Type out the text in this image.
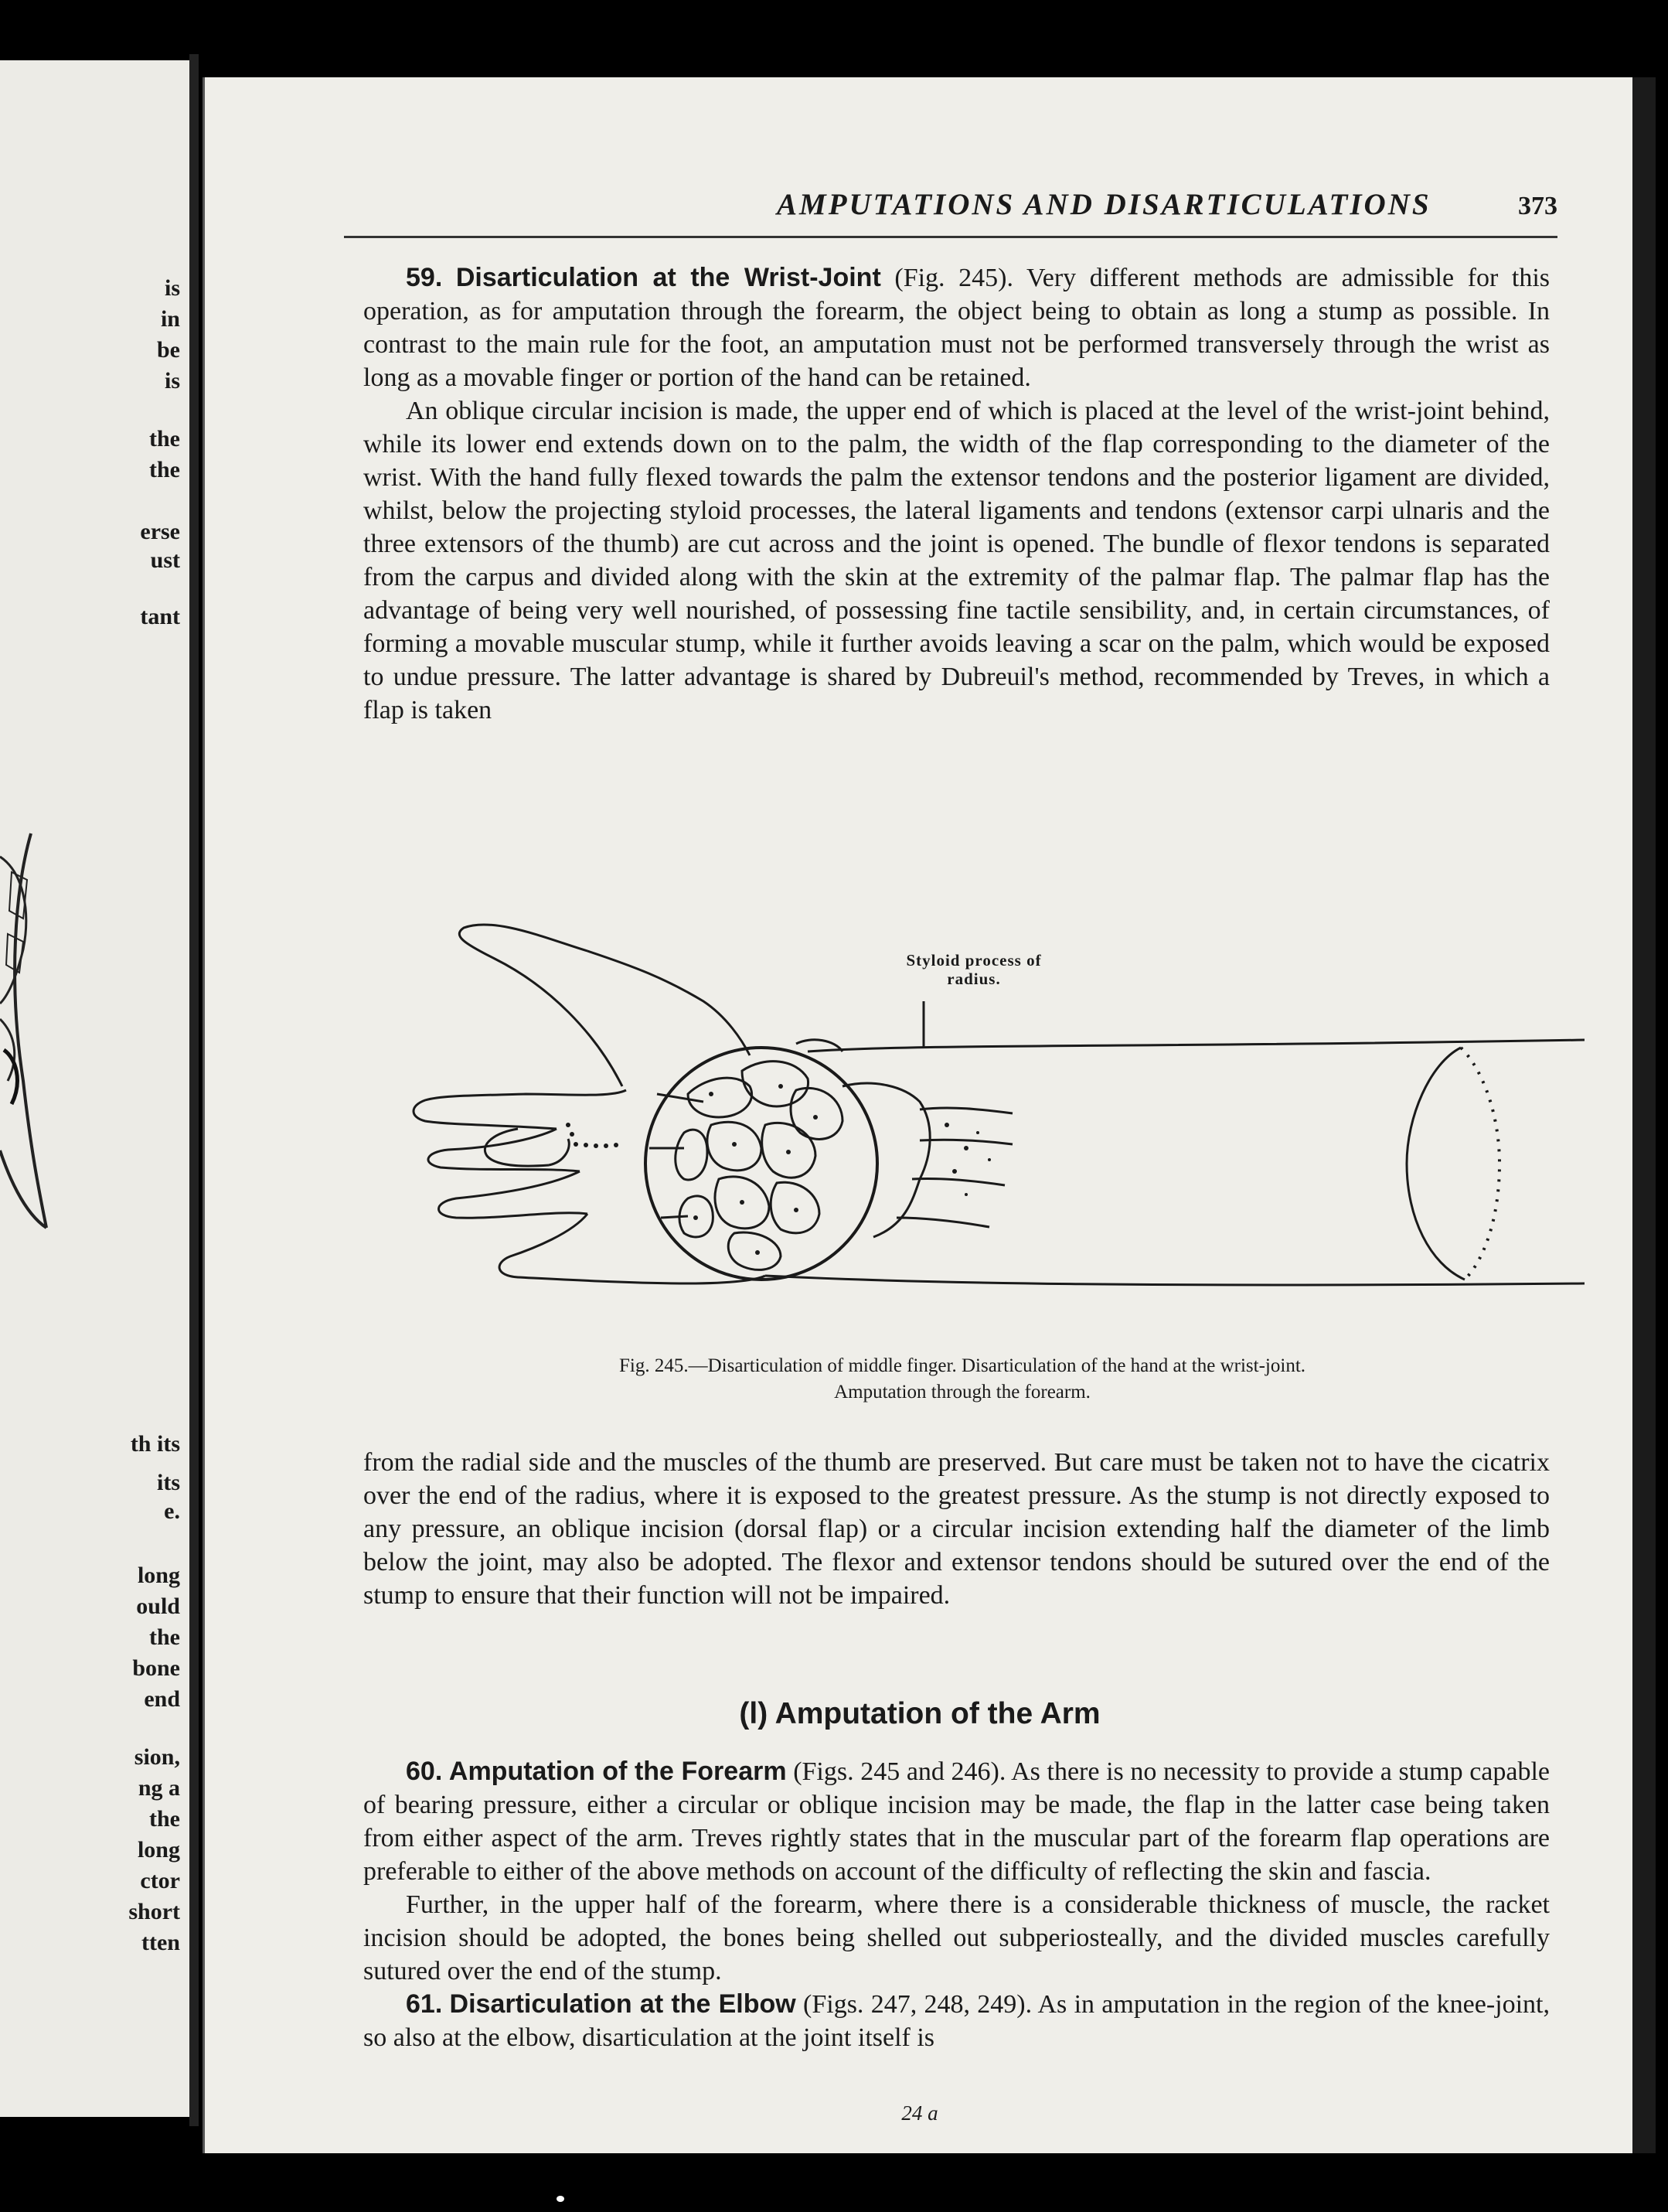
is
in
be
is
the
the
erse
ust
tant
th its
its
e.
long
ould
the
bone
end
sion,
ng a
the
long
ctor
short
tten
AMPUTATIONS AND DISARTICULATIONS	373

59. Disarticulation at the Wrist-Joint (Fig. 245). Very different methods are admissible for this operation, as for amputation through the forearm, the object being to obtain as long a stump as possible. In contrast to the main rule for the foot, an amputation must not be performed transversely through the wrist as long as a movable finger or portion of the hand can be retained.

An oblique circular incision is made, the upper end of which is placed at the level of the wrist-joint behind, while its lower end extends down on to the palm, the width of the flap corresponding to the diameter of the wrist. With the hand fully flexed towards the palm the extensor tendons and the posterior ligament are divided, whilst, below the projecting styloid processes, the lateral ligaments and tendons (extensor carpi ulnaris and the three extensors of the thumb) are cut across and the joint is opened. The bundle of flexor tendons is separated from the carpus and divided along with the skin at the extremity of the palmar flap. The palmar flap has the advantage of being very well nourished, of possessing fine tactile sensibility, and, in certain circumstances, of forming a movable muscular stump, while it further avoids leaving a scar on the palm, which would be exposed to undue pressure. The latter advantage is shared by Dubreuil's method, recommended by Treves, in which a flap is taken

Styloid process of radius.
Fig. 245.—Disarticulation of middle finger. Disarticulation of the hand at the wrist-joint.
Amputation through the forearm.

from the radial side and the muscles of the thumb are preserved. But care must be taken not to have the cicatrix over the end of the radius, where it is exposed to the greatest pressure. As the stump is not directly exposed to any pressure, an oblique incision (dorsal flap) or a circular incision extending half the diameter of the limb below the joint, may also be adopted. The flexor and extensor tendons should be sutured over the end of the stump to ensure that their function will not be impaired.

(l) Amputation of the Arm

60. Amputation of the Forearm (Figs. 245 and 246). As there is no necessity to provide a stump capable of bearing pressure, either a circular or oblique incision may be made, the flap in the latter case being taken from either aspect of the arm. Treves rightly states that in the muscular part of the forearm flap operations are preferable to either of the above methods on account of the difficulty of reflecting the skin and fascia.

Further, in the upper half of the forearm, where there is a considerable thickness of muscle, the racket incision should be adopted, the bones being shelled out subperiosteally, and the divided muscles carefully sutured over the end of the stump.

61. Disarticulation at the Elbow (Figs. 247, 248, 249). As in amputation in the region of the knee-joint, so also at the elbow, disarticulation at the joint itself is

24 a
